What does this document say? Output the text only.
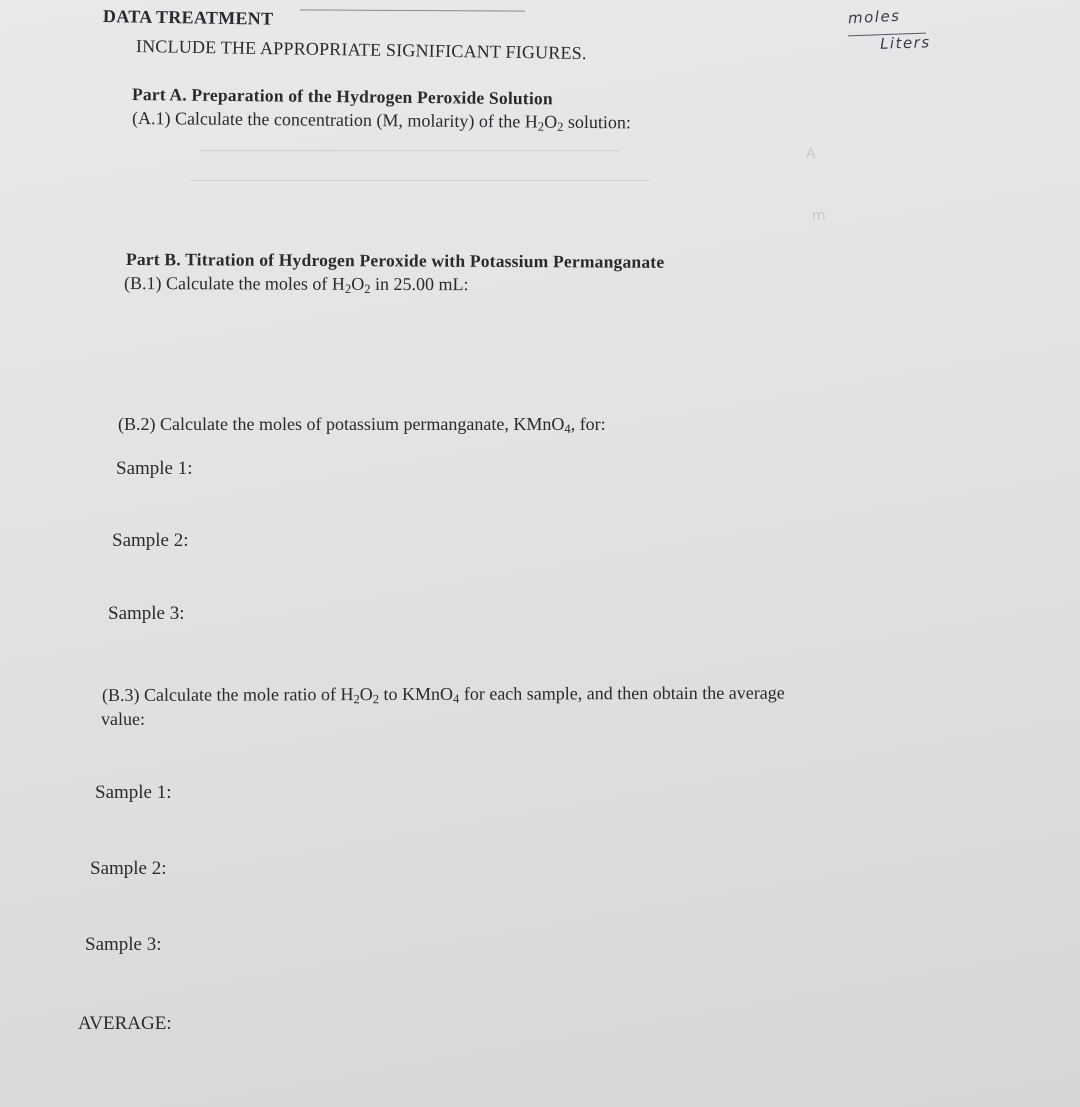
A
m
DATA TREATMENT
INCLUDE THE APPROPRIATE SIGNIFICANT FIGURES.
moles
Liters
Part A. Preparation of the Hydrogen Peroxide Solution
(A.1) Calculate the concentration (M, molarity) of the $H_2O_2$ solution:
Part B. Titration of Hydrogen Peroxide with Potassium Permanganate
(B.1) Calculate the moles of $H_2O_2$ in 25.00 mL:
(B.2) Calculate the moles of potassium permanganate, KMnO$_4$, for:
Sample 1:
Sample 2:
Sample 3:
(B.3) Calculate the mole ratio of $H_2O_2$ to KMnO$_4$ for each sample, and then obtain the average
value:
Sample 1:
Sample 2:
Sample 3:
AVERAGE:
